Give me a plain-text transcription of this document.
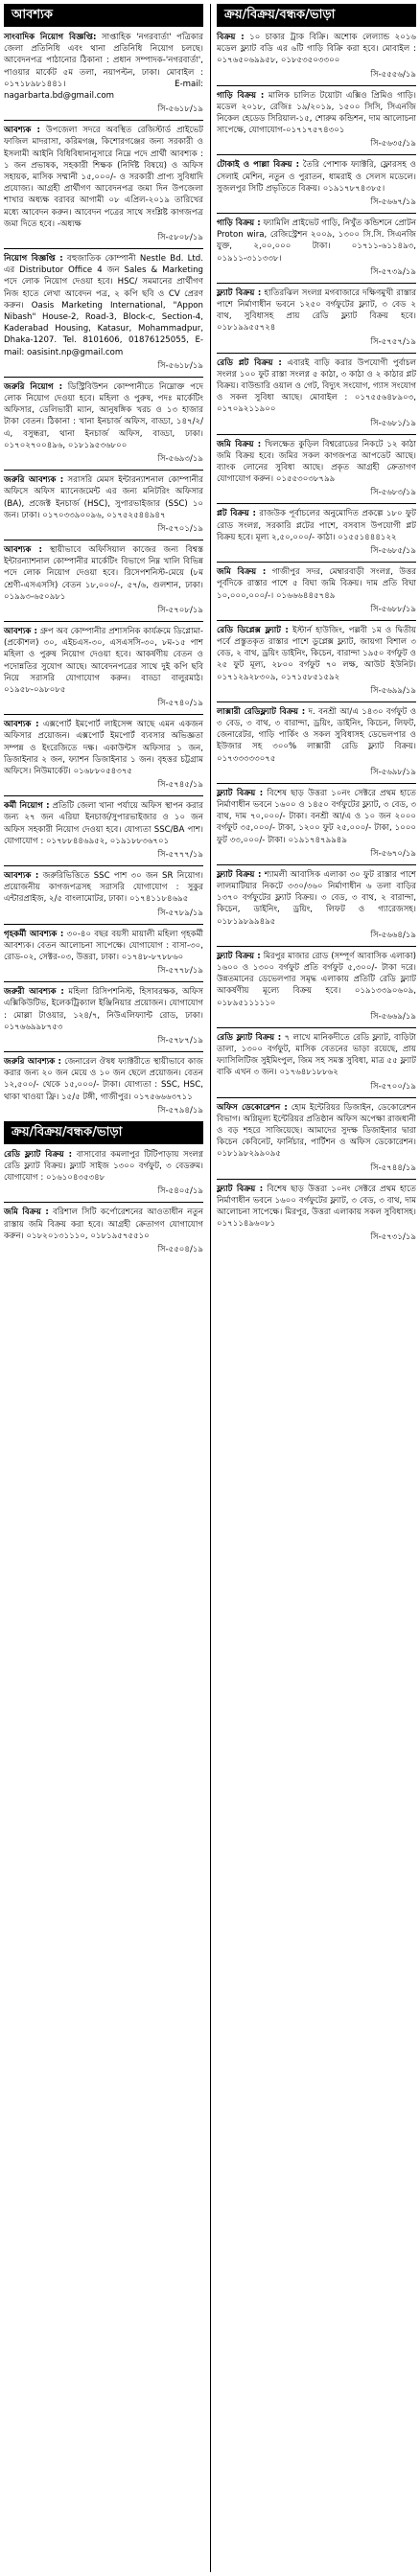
আবশ্যক
সাংবাদিক নিয়োগ বিজ্ঞপ্তি: সাপ্তাহিক 'নগরবার্তা' পত্রিকার জেলা প্রতিনিধি এবং থানা প্রতিনিধি নিয়োগ চলছে। আবেদনপত্র পাঠানোর ঠিকানা : প্রধান সম্পাদক-'নগরবার্তা', পাওয়ার মার্কেট ৫ম তলা, নয়াপল্টন, ঢাকা। মোবাইল : ০১৭১৮৯৮১৪৪১। E-mail: nagarbarta.bd@gmail.com
সি-৫৬১৮/১৯
আবশ্যক : উপজেলা সদরে অবস্থিত রেজিস্টার্ড প্রাইভেট ফাজিল মাদরাসা, করিমগঞ্জ, কিশোরগঞ্জের জন্য সরকারী ও ইসলামী আইনি বিধিবিধানানুসারে নিম্নে পদে প্রার্থী আবশ্যক : ১ জন প্রভাষক, সহকারী শিক্ষক (নির্দিষ্ট বিষয়ে) ও অফিস সহায়ক, মাসিক সম্মানী ১৫,০০০/- ও সরকারী প্রাপ্য সুবিধাদি প্রযোজ্য। আগ্রহী প্রার্থীগণ আবেদনপত্র জমা দিন উপজেলা শাখার অধ্যক্ষ বরাবর আগামী ০৮ এপ্রিল-২০১৯ তারিখের মধ্যে আবেদন করুন। আবেদন পত্রের সাথে সংশ্লিষ্ট কাগজপত্র জমা দিতে হবে। -অধ্যক্ষ
সি-৫৮০৮/১৯
নিয়োগ বিজ্ঞপ্তি : বহুজাতিক কোম্পানী Nestle Bd. Ltd. এর Distributor Office 4 জন Sales & Marketing পদে লোক নিয়োগ দেওয়া হবে। HSC/ সমমানের প্রার্থীগণ নিজ হাতে লেখা আবেদন পত্র, ২ কপি ছবি ও CV প্রেরণ করুন। Oasis Marketing International, "Appon Nibash" House-2, Road-3, Block-c, Section-4, Kaderabad Housing, Katasur, Mohammadpur, Dhaka-1207. Tel. 8101606, 01876125055, E-mail: oasisint.np@gmail.com
সি-৫৬১৮/১৯
জরুরি নিয়োগ : ডিস্ট্রিবিউশন কোম্পানীতে নিম্নোক্ত পদে লোক নিয়োগ দেওয়া হবে। মহিলা ও পুরুষ, পদঃ মার্কেটিং অফিসার, ডেলিভারী ম্যান, আনুষঙ্গিক খরচ ও ১৩ হাজার টাকা বেতন। ঠিকানা : খানা ইনচার্জ অফিস, বাড্ডা, ১৪৭/২/এ, বসুন্ধরা, থানা ইনচার্জ অফিস, বাড্ডা, ঢাকা। ০১৭০২৭০০৪৯৬, ০১৮১৯৫৩৬৮০০
সি-৫৬৯৩/১৯
জরুরি আবশ্যক : সরাসরি মেমস ইন্টারন্যাশনাল কোম্পানীর অফিসে অফিস ম্যানেজমেন্ট এর জন্য মনিটরিং অফিসার (BA), প্রজেক্ট ইনচার্জ (HSC), সুপারভাইজার (SSC) ১০ জন। ঢাকা। ০১৭০৩৩৯০০৯৬, ০১৭৫২৫৪৪৯৪৭
সি-৫৭০১/১৯
আবশ্যক : স্থায়ীভাবে অফিসিয়াল কাজের জন্য বিশ্বস্ত ইন্টারন্যাশনাল কোম্পানীর মার্কেটিং বিভাগে নিম্ন খালি বিভিন্ন পদে লোক নিয়োগ দেওয়া হবে। রিসেপশনিস্ট-মেয়ে (৮ম শ্রেণী-এসএসসি) বেতন ১৮,০০০/-, ৫৭/৬, গুলশান, ঢাকা। ০১৯৯৩-৬৫০৯৮১
সি-৫৭০৮/১৯
আবশ্যক : গ্রুপ অব কোম্পানীর প্রশাসনিক কার্যক্রমে ডিপ্লোমা-(প্রকৌশল) ৩০, এইচএস-৩০, এসএসসি-৩০, ৮ম-১৫ পাশ মহিলা ও পুরুষ নিয়োগ দেওয়া হবে। আকর্ষণীয় বেতন ও পদোন্নতির সুযোগ আছে। আবেদনপত্রের সাথে দুই কপি ছবি নিয়ে সরাসরি যোগাযোগ করুন। বাড্ডা বালুরমাঠ। ০১৯৫৮-০৯৮০৮৫
সি-৫৭৪০/১৯
আবশ্যক : এক্সপোর্ট ইমপোর্ট লাইসেন্স আছে এমন একজন অফিসার প্রয়োজন। এক্সপোর্ট ইমপোর্ট ব্যবসার অভিজ্ঞতা সম্পন্ন ও ইংরেজিতে দক্ষ। একাউন্টস অফিসার ১ জন, ডিজাইনার ২ জন, ফ্যাশন ডিজাইনার ১ জন। বৃহত্তর চট্টগ্রাম অফিসে। নিউমার্কেট। ০১৬৮৮০৫৪৩৭৫
সি-৫৭৪৫/১৯
কর্মী নিয়োগ : প্রতিটি জেলা খানা পর্যায়ে অফিস স্থাপন করার জন্য ২৭ জন এরিয়া ইনচার্জ/সুপারভাইজার ও ১০ জন অফিস সহকারী নিয়োগ দেওয়া হবে। যোগ্যতা SSC/BA পাশ। যোগাযোগ : ০১৭৮৮৪৪৬৯৫২, ০১৯১৮৮৩৬৭০১
সি-৫৭৭৭/১৯
আবশ্যক : জরুরিভিত্তিতে SSC পাশ ৩০ জন SR নিয়োগ। প্রয়োজনীয় কাগজপত্রসহ সরাসরি যোগাযোগ : সুকুর এন্টারপ্রাইজ, ২/৫ বাংলামোটর, ঢাকা। ০১৭৪১১৮৪৬৯৫
সি-৫৭৮৯/১৯
গৃহকর্মী আবশ্যক : ৩০-৪০ বছর বয়সী মায়ালী মহিলা গৃহকর্মী আবশ্যক। বেতন আলোচনা সাপেক্ষে। যোগাযোগ : বাসা-৩০, রোড-০২, সেক্টর-০৩, উত্তরা, ঢাকা। ০১৭৪৮-৮৭৮৮৬০
সি-৫৭৭৮/১৯
জরুরী আবশ্যক : মহিলা রিসিপশনিস্ট, হিসাবরক্ষক, অফিস এক্সিকিউটিভ, ইলেকট্রিক্যাল ইঞ্জিনিয়ার প্রয়োজন। যোগাযোগ : মোল্লা টাওয়ার, ১২৪/৭, নিউএলিফ্যান্ট রোড, ঢাকা। ০১৭৬৬৯৯৮৭৫৩
সি-৫৭৮৭/১৯
জরুরি আবশ্যক : জেনারেল ঔষধ ফ্যাক্টরীতে স্থায়ীভাবে কাজ করার জন্য ২০ জন মেয়ে ও ১০ জন ছেলে প্রয়োজন। বেতন ১২,৫০০/- থেকে ১৫,০০০/- টাকা। যোগ্যতা : SSC, HSC, থাকা খাওয়া ফ্রি। ১৫/৫ টঙ্গী, গাজীপুর। ০১৭৫৬৬৬৩৭১১
সি-৫৭৯৪/১৯
ক্রয়/বিক্রয়/বন্ধক/ভাড়া
রেডি ফ্ল্যাট বিক্রয় : বাসাবোর কমলাপুর টিটিপাড়ায় সংলগ্ন রেডি ফ্ল্যাট বিক্রয়। ফ্ল্যাট সাইজ ১৩০০ বর্গফুট, ৩ বেডরুম। যোগাযোগ : ০১৬১০৪৩৫৩৪৮
সি-৫৪০৫/১৯
জমি বিক্রয় : বরিশাল সিটি কর্পোরেশনের আওতাধীন নতুন রাস্তায় জমি বিক্রয় করা হবে। আগ্রহী ক্রেতাগণ যোগাযোগ করুন। ০১৮২০১৩১১১০, ০১৮১৯৫৭৫৫১০
সি-৫৫০৪/১৯
ক্রয়/বিক্রয়/বন্ধক/ভাড়া
বিক্রয় : ১০ চাকার ট্রাক বিক্রি। অশোক লেল্যান্ড ২০১৬ মডেল ফ্ল্যাট বডি এর ৬টি গাড়ি বিক্রি করা হবে। মোবাইল : ০১৭৬৫০৬৯৯৫৮, ০১৮৫৩৫০৩৩০০
সি-৫৫৫৬/১৯
গাড়ি বিক্রয় : মালিক চালিত টয়োটা এক্সিও প্রিমিও গাড়ি। মডেল ২০১৮, রেজিঃ ১৯/২০১৯, ১৫০০ সিসি, সিএনজি নিকেল হেডেড সিরিয়াল-১৫, শোরুম কন্ডিশন, দাম আলোচনা সাপেক্ষে, যোগাযোগ-০১৭১৭৫৭৪৩০১
সি-৫৬৩৫/১৯
টোকাই ও পাল্লা বিক্রয় : তৈরি পোশাক ফ্যাক্টরি, ফ্লোরসহ ও সেলাই মেশিন, নতুন ও পুরাতন, ধামরাই ও সেলস মডেলে। সুজলপুর সিটি প্রভৃতিতে বিক্রয়। ০১৯১৭৮৭৪৩৮৫।
সি-৫৬৬৭/১৯
গাড়ি বিক্রয় : ফ্যামিলি প্রাইভেট গাড়ি, নিখুঁত কন্ডিশনে প্রোটন Proton wira, রেজিস্ট্রেশন ২০০৯, ১৩০০ সি.সি. সিএনজি যুক্ত, ২,০০,০০০ টাকা। ০১৭১১-৬১১৪৯৩, ০১৯১১-৩১১৩৩৮।
সি-৫৭৩৯/১৯
ফ্ল্যাট বিক্রয় : হাতিরঝিল সংলগ্ন মগবাজারে দক্ষিণমুখী রাস্তার পাশে নির্মাণাধীন ভবনে ১২৫০ বর্গফুটের ফ্ল্যাট, ৩ বেড ২ বাথ, সুবিধাসহ প্রায় রেডি ফ্ল্যাট বিক্রয় হবে। ০১৮১৯৯৫৫৭২৪
সি-৫৭৫৭/১৯
রেডি প্লট বিক্রয় : এবারই বাড়ি করার উপযোগী পুর্বাচল সংলগ্ন ১০০ ফুট রাস্তা সংলগ্ন ৫ কাঠা, ৩ কাঠা ও ২ কাঠার প্লট বিক্রয়। বাউন্ডারি ওয়াল ও গেট, বিদ্যুৎ সংযোগ, গ্যাস সংযোগ ও সকল সুবিধা আছে। মোবাইল : ০১৭৫৫৬৪৮৯০৩, ০১৭০৯২১১৯০০
সি-৫৬৮১/১৯
জমি বিক্রয় : খিলক্ষেত কুড়িল বিশ্বরোডের নিকটে ১২ কাঠা জমি বিক্রয় হবে। জমির সকল কাগজপত্র আপডেট আছে। ব্যাংক লোনের সুবিধা আছে। প্রকৃত আগ্রহী ক্রেতাগণ যোগাযোগ করুন। ০১৫৫৩০৩৮৭৯৯
সি-৫৬৮৩/১৯
প্লট বিক্রয় : রাজউক পূর্বাচলের অনুমোদিত প্রকল্পে ১৮০ ফুট রোড সংলগ্ন, সরকারি প্লটের পাশে, বসবাস উপযোগী প্লট বিক্রয় হবে। মূল্য ২,৫০,০০০/- কাঠা। ০১৫৫১৪৪৪১২২
সি-৫৬৮৫/১৯
জমি বিক্রয় : গাজীপুর সদর, মেম্বারবাড়ী সংলগ্ন, উত্তর পূর্বদিকে রাস্তার পাশে ৫ বিঘা জমি বিক্রয়। দাম প্রতি বিঘা ১০,০০০,০০০/-। ০১৬৬৬৪৪৫৭৪৯
সি-৫৬৮৮/১৯
রেডি ডিপ্লেক্স ফ্ল্যাট : ইস্টার্ন হাউজিং, পল্লবী ১ম ও দ্বিতীয় পর্বে প্রস্তুতকৃত রাস্তার পাশে ডুপ্লেক্স ফ্ল্যাট, জায়গা বিশাল ৩ বেড, ২ বাথ, ড্রয়িং ডাইনিং, কিচেন, বারান্দা ১৯৫০ বর্গফুট ও ২৫ ফুট মূল্য, ২৮০০ বর্গফুট ৭০ লক্ষ, আউট ইউনিট। ০১৭১২৯২৮৩০৯, ০১৭১৫৮৫১৫৯২
সি-৫৬৯৯/১৯
লাক্সারী রেডিফ্ল্যাট বিক্রয় : দ. বনশ্রী আ/এ ১৪৩০ বর্গফুট ও ৩ বেড, ৩ বাথ, ৩ বারান্দা, ড্রয়িং, ডাইনিং, কিচেন, লিফট, জেনারেটর, গাড়ি পার্কিং ও সকল সুবিধাসহ ডেভেলপার ও ইউজার সহ ৩০০% লাক্সারী রেডি ফ্ল্যাট বিক্রয়। ০১৭৩৩৩৩৩০৭৫
সি-৫৬৯৮/১৯
ফ্ল্যাট বিক্রয় : বিশেষ ছাড় উত্তরা ১০নং সেক্টরে প্রথম হাতে নির্মাণাধীন ভবনে ১৬০০ ও ১৪৫০ বর্গফুটের ফ্ল্যাট, ৩ বেড, ৩ বাথ, দাম ৭০,০০০/- টাকা। বনশ্রী আ/এ ও ১০ জন ২০০০ বর্গফুট ৩৫,০০০/- টাকা, ১২০০ ফুট ২৫,০০০/- টাকা, ১০০০ ফুট ৩৩,০০০/- টাকা। ০১৯১৭৪৭৯৯৪৯
সি-৫৬৭০/১৯
ফ্ল্যাট বিক্রয় : শ্যামলী আবাসিক এলাকা ৩০ ফুট রাস্তার পাশে লালমাটিয়ার নিকটে ৩৩০/৩৬০ নির্মাণাধীন ৬ তলা বাড়ির ১৩৭০ বর্গফুটের ফ্ল্যাট বিক্রয়। ৩ বেড, ৩ বাথ, ২ বারান্দা, কিচেন, ডাইনিং, ড্রয়িং, লিফট ও গ্যারেজসহ। ০১৮১৯৮৯৯৪৯৫
সি-৫৬৬৪/১৯
ফ্ল্যাট বিক্রয় : মিরপুর মাজার রোড (সম্পূর্ণ আবাসিক এলাকা) ১৬০০ ও ১৩০০ বর্গফুট প্রতি বর্গফুট ৫,৩০০/- টাকা দরে। উন্নতমানের ডেভেলপার সমৃদ্ধ এলাকায় প্রতিটি রেডি ফ্ল্যাট আকর্ষণীয় মূল্যে বিক্রয় হবে। ০১৯১৩৩৯০৬০৯, ০১৮৯৫১১১১১০
সি-৫৬৬৯/১৯
রেডি ফ্ল্যাট বিক্রয় : ৭ লাখে মানিকদীতে রেডি ফ্ল্যাট, বাড়িটা তালা, ১৩০০ বর্গফুট, মাসিক বেতনের ভাড়া রয়েছে, প্রায় ফ্যাসিলিটিজ সুইমিংপুল, জিম সহ সমস্ত সুবিধা, মাত্র ৫৫ ফ্ল্যাট বাকি এখন ৩ জন। ০১৭৬৪৮১৮৮৬২
সি-৫৭০০/১৯
অফিস ডেকোরেশন : হোম ইন্টেরিয়র ডিজাইন, ডেকোরেশন বিভাগ। অগ্নিমূল্য ইন্টেরিয়র প্রতিষ্ঠান অফিস অপেক্ষা রাজধানী ও বড় শহরে সাজিয়েছে। আমাদের সুদক্ষ ডিজাইনার দ্বারা কিচেন কেবিনেট, ফার্নিচার, পার্টিশন ও অফিস ডেকোরেশন। ০১৮১৯৮২৯৯০৯৫
সি-৫৭৪৪/১৯
ফ্ল্যাট বিক্রয় : বিশেষ ছাড় উত্তরা ১০নং সেক্টরে প্রথম হাতে নির্মাণাধীন ভবনে ১৬০০ বর্গফুটের ফ্ল্যাট, ৩ বেড, ৩ বাথ, দাম আলোচনা সাপেক্ষে। মিরপুর, উত্তরা এলাকায় সকল সুবিধাসহ। ০১৭১১৪৯৬০৮১
সি-৫৭৩১/১৯
